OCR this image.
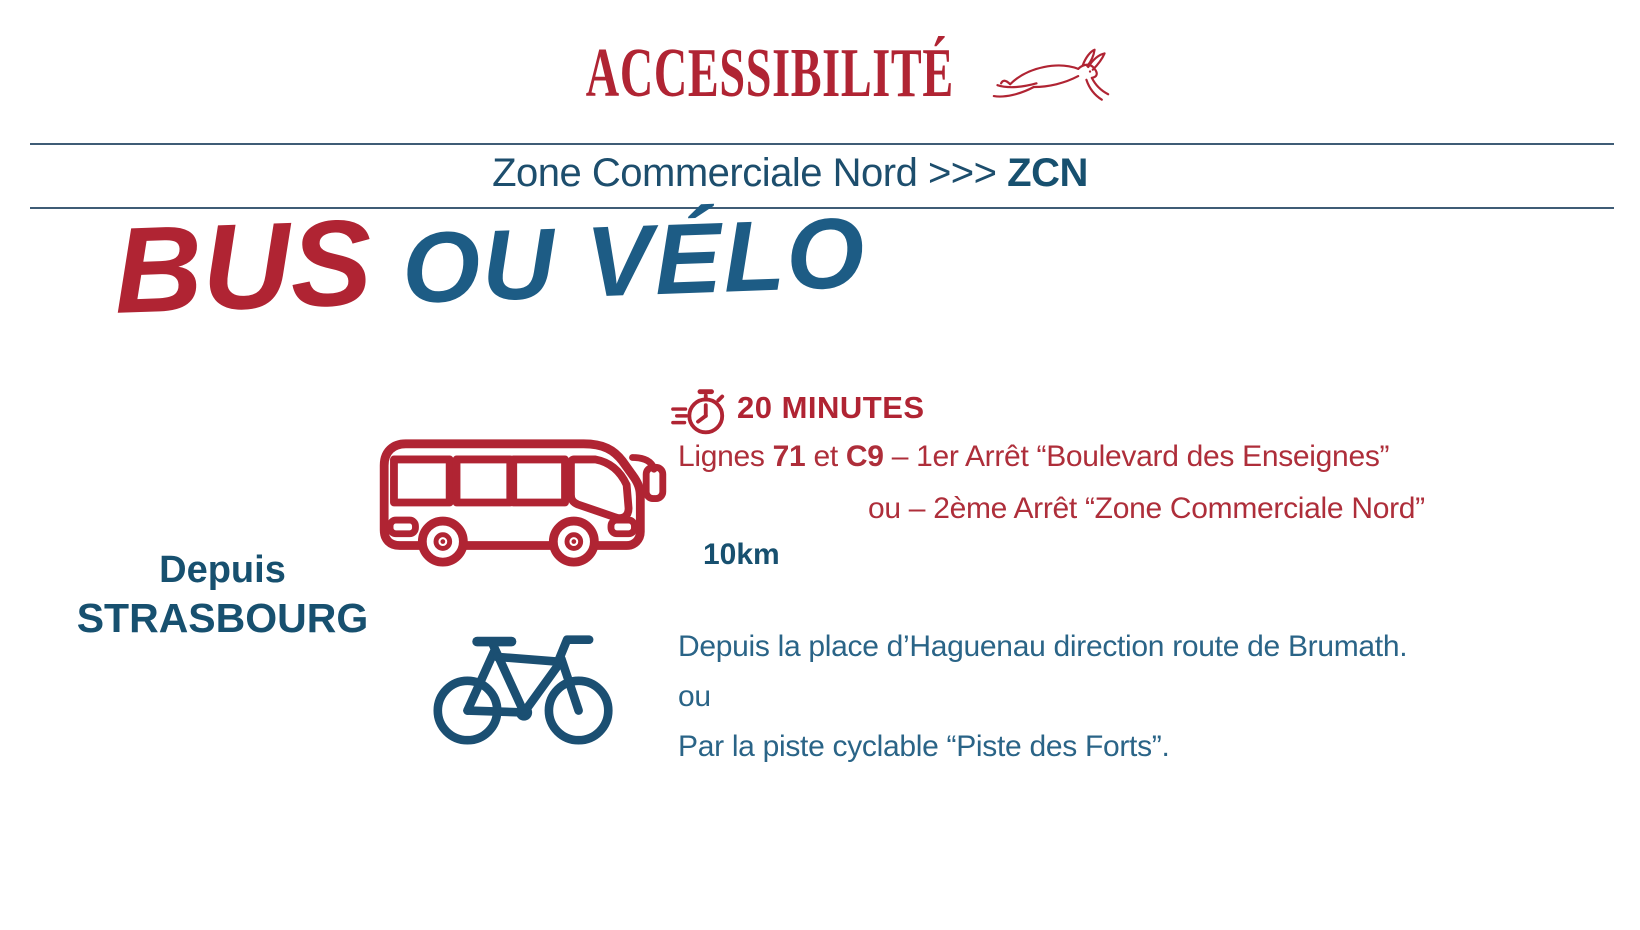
ACCESSIBILITÉ
Zone Commerciale Nord >>> ZCN
BUS OU VÉLO
20 MINUTES
Lignes 71 et C9 – 1er Arrêt “Boulevard des Enseignes”
ou – 2ème Arrêt “Zone Commerciale Nord”
10km
Depuis
STRASBOURG
Depuis la place d’Haguenau direction route de Brumath.
ou
Par la piste cyclable “Piste des Forts”.
